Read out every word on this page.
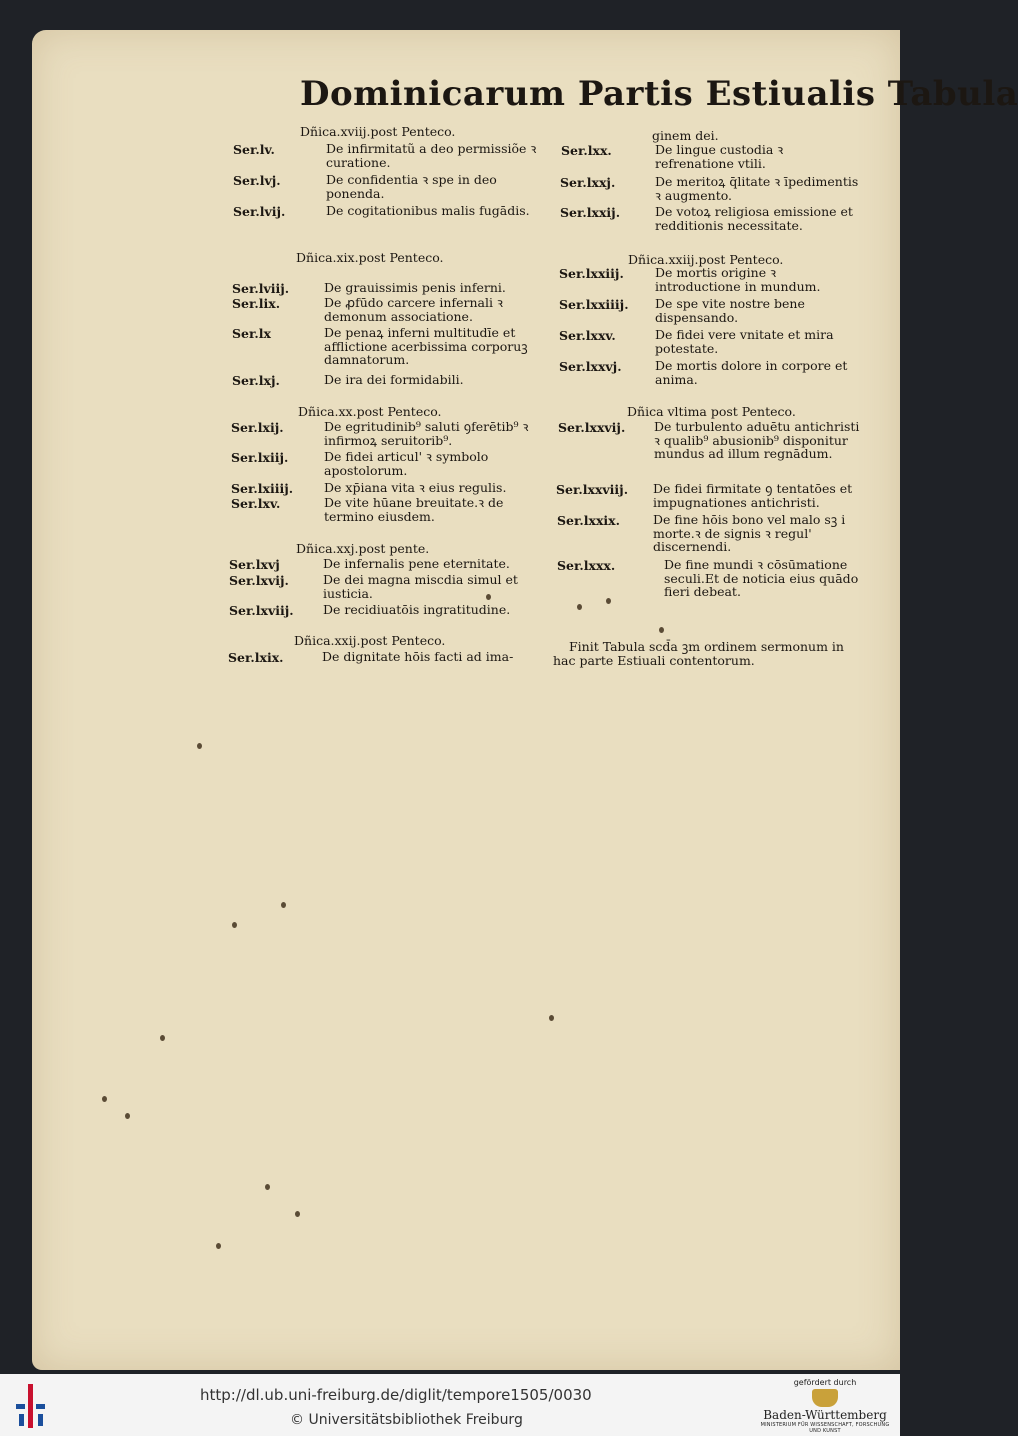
Dominicarum Partis Estiualis Tabula
Dñica.xviij.post Penteco.
Ser.lv.	De infirmitatũ a deo permissiõe ꝛ curatione.
Ser.lvj.	De confidentia ꝛ spe in deo ponenda.
Ser.lvij.	De cogitationibus malis fugādis.
Dñica.xix.post Penteco.
Ser.lviij.	De grauissimis penis inferni.
Ser.lix.	De ꝓfūdo carcere infernali ꝛ demonum associatione.
Ser.lx	De penaꝝ inferni multitudīe et afflictione acerbissima corporuꝫ damnatorum.
Ser.lxj.	De ira dei formidabili.
Dñica.xx.post Penteco.
Ser.lxij.	De egritudinib⁹ saluti ꝯferētib⁹ ꝛ infirmoꝝ seruitorib⁹.
Ser.lxiij.	De fidei articul' ꝛ symbolo apostolorum.
Ser.lxiiij. De xp̄iana vita ꝛ eius regulis.
Ser.lxv.	De vite hūane breuitate.ꝛ de termino eiusdem.
Dñica.xxj.post pente.
Ser.lxvj	De infernalis pene eternitate.
Ser.lxvij.	De dei magna miscdia simul et iusticia.
Ser.lxviij. De recidiuatōis ingratitudine.
Dñica.xxij.post Penteco.
Ser.lxix.	De dignitate hōis facti ad ima-
ginem dei.
Ser.lxx.	De lingue custodia ꝛ refrenatione vtili.
Ser.lxxj.	De meritoꝝ q̄litate ꝛ īpedimentis ꝛ augmento.
Ser.lxxij.	De votoꝝ religiosa emissione et redditionis necessitate.
Dñica.xxiij.post Penteco.
Ser.lxxiij. De mortis origine ꝛ introductione in mundum.
Ser.lxxiiij. De spe vite nostre bene dispensando.
Ser.lxxv.	De fidei vere vnitate et mira potestate.
Ser.lxxvj.	De mortis dolore in corpore et anima.
Dñica vltima post Penteco.
Ser.lxxvij. De turbulento aduētu antichristi ꝛ qualib⁹ abusionib⁹ disponitur mundus ad illum regnādum.
Ser.lxxviij. De fidei firmitate ꝯ tentatōes et impugnationes antichristi.
Ser.lxxix.	De fine hōis bono vel malo sꝫ i morte.ꝛ de signis ꝛ regul' discernendi.
Ser.lxxx.	De fine mundi ꝛ cōsūmatione seculi.Et de noticia eius quādo fieri debeat.
Finit Tabula scd̄a ꝫm ordinem sermonum in hac parte Estiuali contentorum.
http://dl.ub.uni-freiburg.de/diglit/tempore1505/0030
© Universitätsbibliothek Freiburg
gefördert durch
Baden-Württemberg
MINISTERIUM FÜR WISSENSCHAFT, FORSCHUNG UND KUNST
